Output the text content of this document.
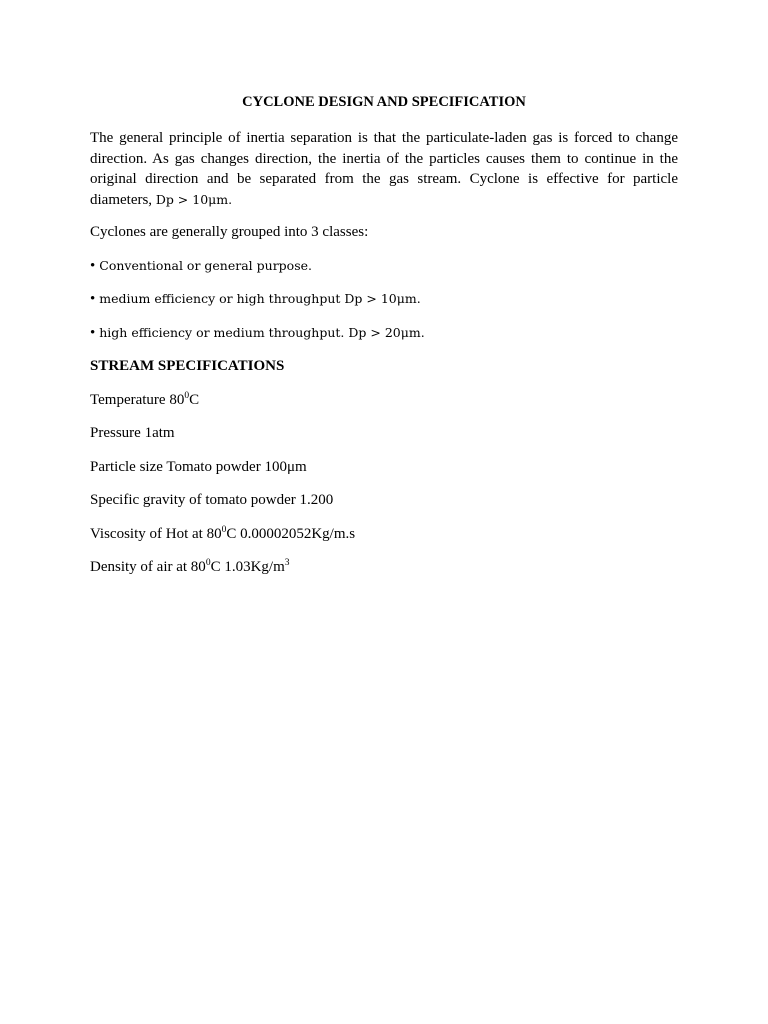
CYCLONE DESIGN AND SPECIFICATION

The general principle of inertia separation is that the particulate-laden gas is forced to change direction. As gas changes direction, the inertia of the particles causes them to continue in the original direction and be separated from the gas stream. Cyclone is effective for particle diameters, Dp > 10μm.

Cyclones are generally grouped into 3 classes:

• Conventional or general purpose.

• medium efficiency or high throughput Dp > 10μm.

• high efficiency or medium throughput. Dp > 20μm.

STREAM SPECIFICATIONS

Temperature $80^0C$

Pressure 1atm

Particle size Tomato powder 100μm

Specific gravity of tomato powder 1.200

Viscosity of Hot at $80^0C$ 0.00002052Kg/m.s

Density of air at $80^0C$ $1.03Kg/m^3$
